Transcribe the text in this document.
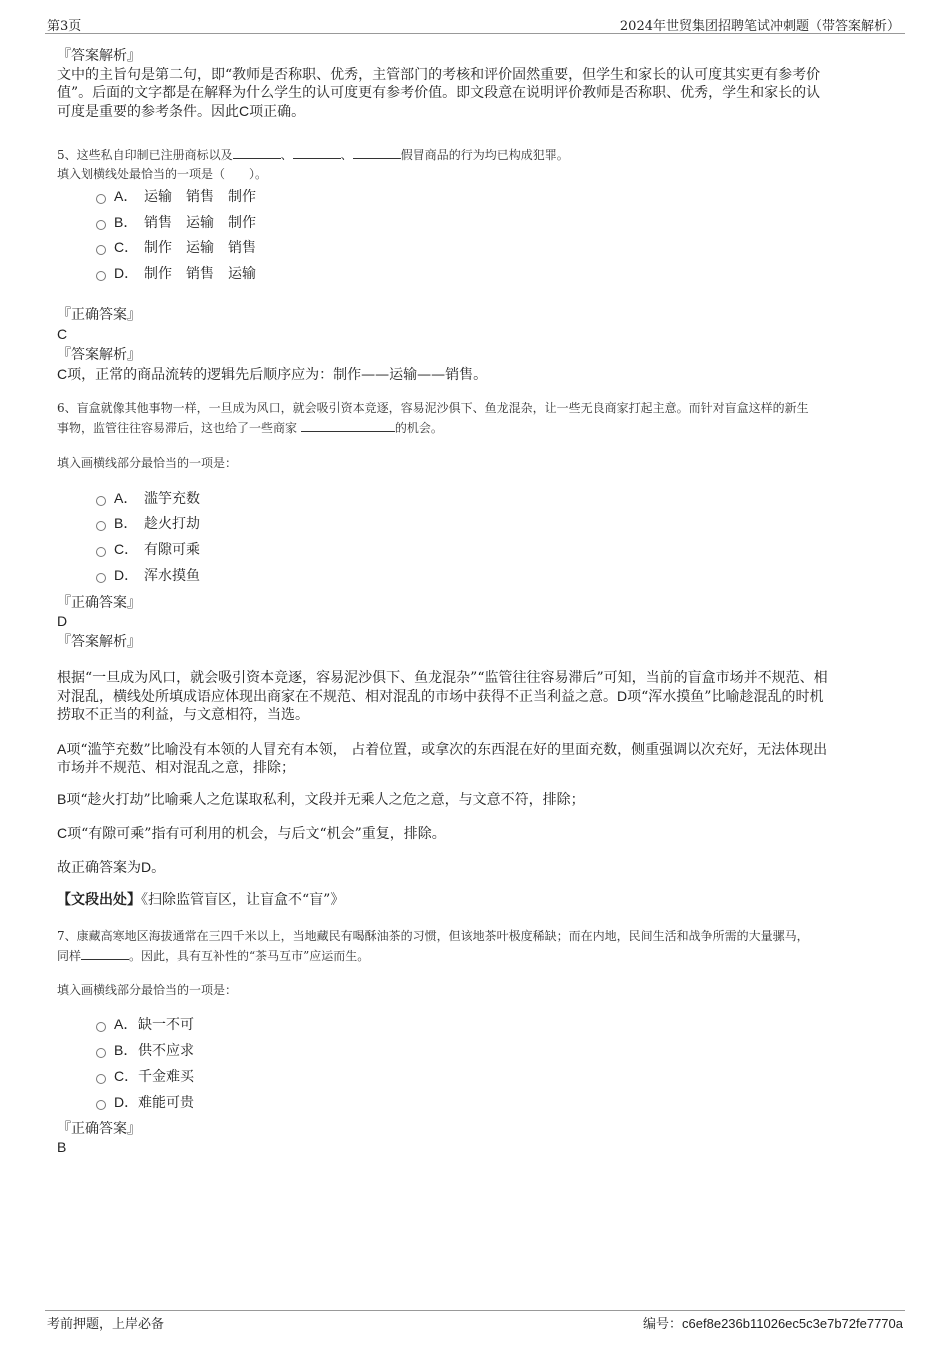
第3页	2024年世贸集团招聘笔试冲刺题（带答案解析）
『答案解析』
文中的主旨句是第二句，即“教师是否称职、优秀，主管部门的考核和评价固然重要，但学生和家长的认可度其实更有参考价
值”。后面的文字都是在解释为什么学生的认可度更有参考价值。即文段意在说明评价教师是否称职、优秀，学生和家长的认
可度是重要的参考条件。因此C项正确。
5、这些私自印制已注册商标以及	、	、	假冒商品的行为均已构成犯罪。
填入划横线处最恰当的一项是（　　）。
A． 运输 销售 制作
B． 销售 运输 制作
C． 制作 运输 销售
D． 制作 销售 运输
『正确答案』
C
『答案解析』
C项，正常的商品流转的逻辑先后顺序应为：制作——运输——销售。
6、盲盒就像其他事物一样，一旦成为风口，就会吸引资本竞逐，容易泥沙俱下、鱼龙混杂，让一些无良商家打起主意。而针对盲盒这样的新生
事物，监管往往容易滞后，这也给了一些商家	的机会。
填入画横线部分最恰当的一项是：
A． 滥竽充数
B． 趁火打劫
C． 有隙可乘
D． 浑水摸鱼
『正确答案』
D
『答案解析』
根据“一旦成为风口，就会吸引资本竞逐，容易泥沙俱下、鱼龙混杂”“监管往往容易滞后”可知，当前的盲盒市场并不规范、相
对混乱，横线处所填成语应体现出商家在不规范、相对混乱的市场中获得不正当利益之意。D项“浑水摸鱼”比喻趁混乱的时机
捞取不正当的利益，与文意相符，当选。
A项“滥竽充数”比喻没有本领的人冒充有本领， 占着位置，或拿次的东西混在好的里面充数，侧重强调以次充好，无法体现出
市场并不规范、相对混乱之意，排除；
B项“趁火打劫”比喻乘人之危谋取私利，文段并无乘人之危之意，与文意不符，排除；
C项“有隙可乘”指有可利用的机会，与后文“机会”重复，排除。
故正确答案为D。
【文段出处】《扫除监管盲区，让盲盒不“盲”》
7、康藏高寒地区海拔通常在三四千米以上，当地藏民有喝酥油茶的习惯，但该地茶叶极度稀缺；而在内地，民间生活和战争所需的大量骡马，
同样	。因此，具有互补性的“茶马互市”应运而生。
填入画横线部分最恰当的一项是：
A．缺一不可
B．供不应求
C．千金难买
D．难能可贵
『正确答案』
B
考前押题，上岸必备	编号：c6ef8e236b11026ec5c3e7b72fe7770a
